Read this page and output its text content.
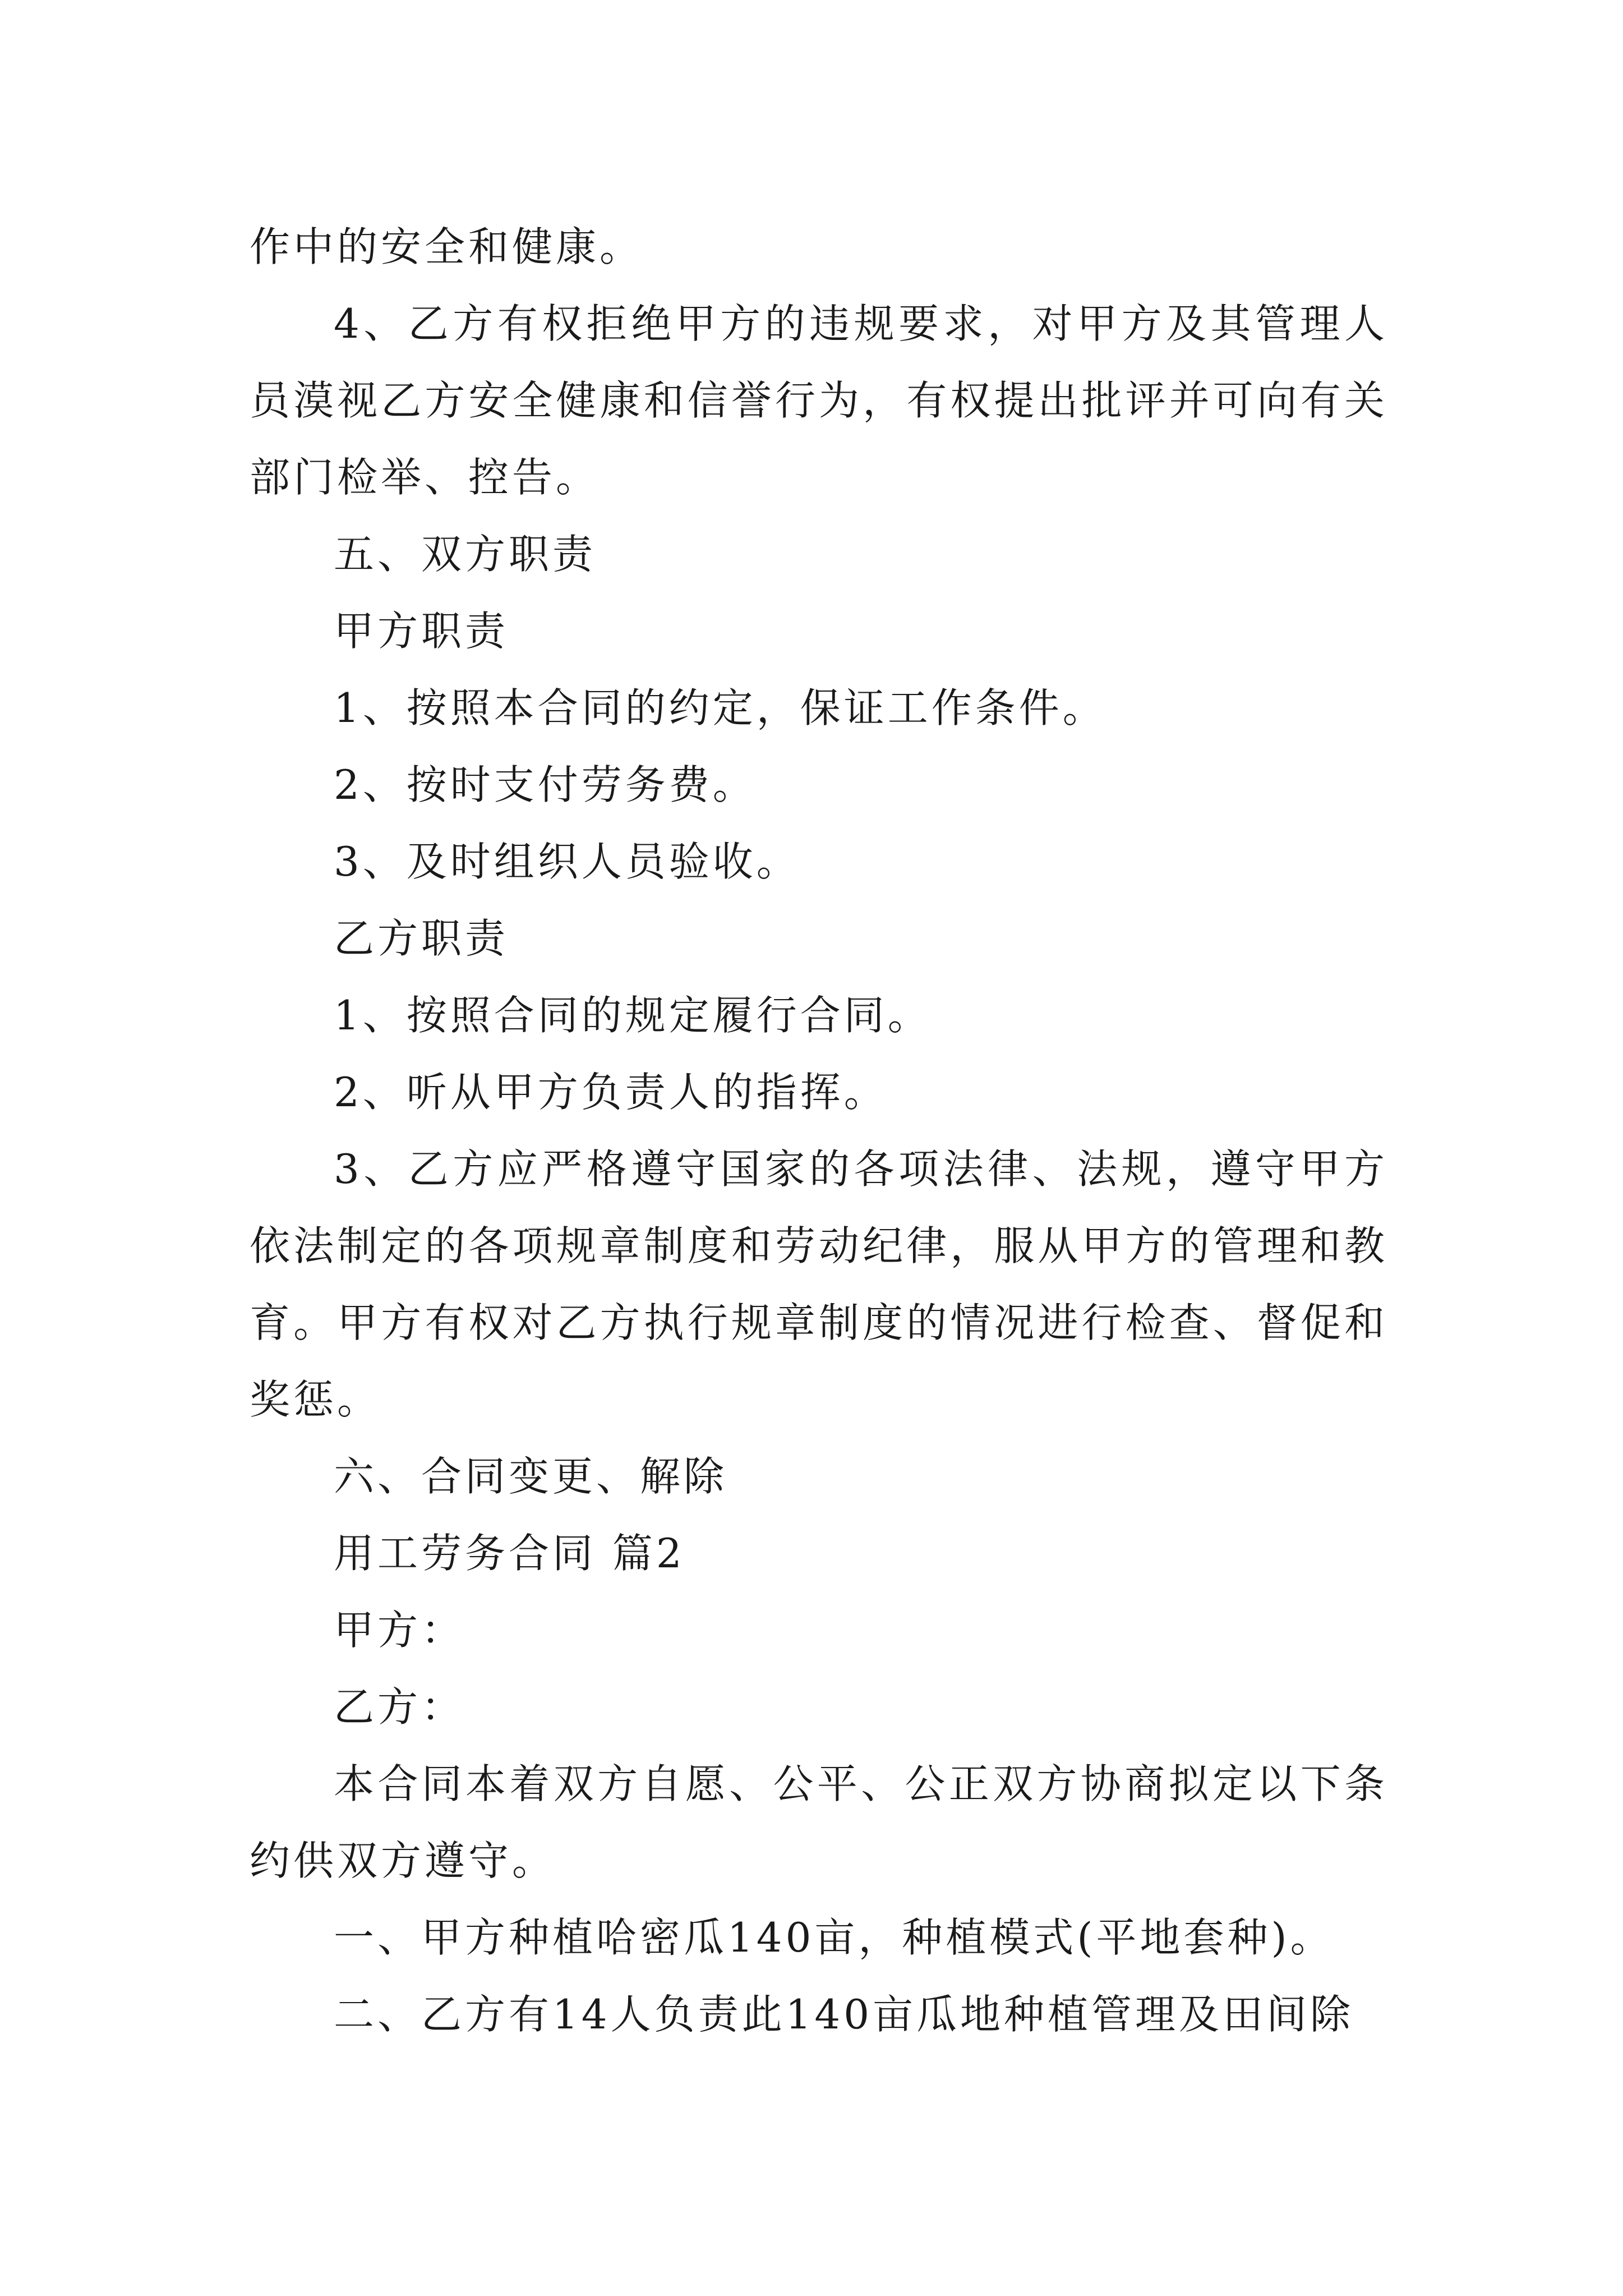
作中的安全和健康。

4、乙方有权拒绝甲方的违规要求，对甲方及其管理人员漠视乙方安全健康和信誉行为，有权提出批评并可向有关部门检举、控告。

五、双方职责

甲方职责

1、按照本合同的约定，保证工作条件。

2、按时支付劳务费。

3、及时组织人员验收。

乙方职责

1、按照合同的规定履行合同。

2、听从甲方负责人的指挥。

3、乙方应严格遵守国家的各项法律、法规，遵守甲方依法制定的各项规章制度和劳动纪律，服从甲方的管理和教育。甲方有权对乙方执行规章制度的情况进行检查、督促和奖惩。

六、合同变更、解除

用工劳务合同 篇2

甲方：

乙方：

本合同本着双方自愿、公平、公正双方协商拟定以下条约供双方遵守。

一、甲方种植哈密瓜140亩，种植模式(平地套种)。

二、乙方有14人负责此140亩瓜地种植管理及田间除
